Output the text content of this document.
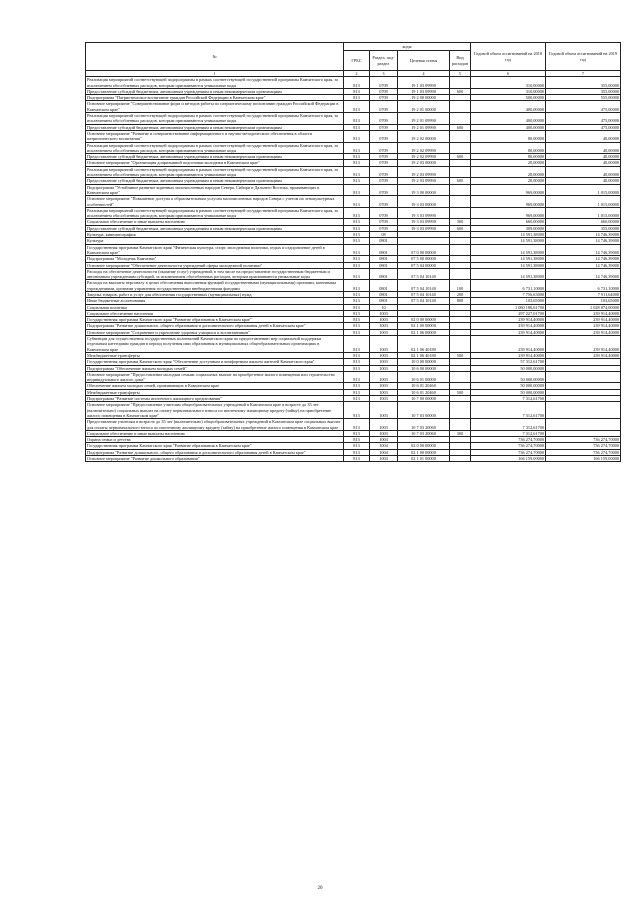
№	коды				Годовой объем ассигнований на 2018 год	Годовой объем ассигнований на 2019 год
	ГРБС	Раздел, под-раздел	Целевая статья	Вид расходов		
1	2	3	4	5	6	7
Реализация мероприятий соответствующей подпрограммы в рамках соответствующей государственной программы Камчатского края, за исключением обособленных расходов, которым присваиваются уникальные коды	813	0709	19 1 03 09990		310,00000	355,00000
Предоставление субсидий бюджетным, автономным учреждениям и иным некоммерческим организациям	813	0709	19 1 03 09990	600	310,00000	355,00000
Подпрограмма "Патриотическое воспитание граждан Российской Федерации в Камчатском крае"	813	0709	19 2 00 00000		500,00000	555,00000
Основное мероприятие "Совершенствование форм и методов работы по патриотическому воспитанию граждан Российской Федерации в Камчатском крае"	813	0709	19 2 01 00000		400,00000	475,00000
Реализация мероприятий соответствующей подпрограммы в рамках соответствующей государственной программы Камчатского края, за исключением обособленных расходов, которым присваиваются уникальные коды	813	0709	19 2 01 09990		400,00000	475,00000
Предоставление субсидий бюджетным, автономным учреждениям и иным некоммерческим организациям	813	0709	19 2 01 09990	600	400,00000	475,00000
Основное мероприятие "Развитие и совершенствование информационного и научно-методического обеспечения в области патриотического воспитания"	813	0709	19 2 02 00000		80,00000	40,00000
Реализация мероприятий соответствующей подпрограммы в рамках соответствующей государственной программы Камчатского края, за исключением обособленных расходов, которым присваиваются уникальные коды	813	0709	19 2 02 09990		80,00000	40,00000
Предоставление субсидий бюджетным, автономным учреждениям и иным некоммерческим организациям	813	0709	19 2 02 09990	600	80,00000	40,00000
Основное мероприятие "Организация допризывной подготовки молодежи в Камчатском крае"	813	0709	19 2 03 00000		20,00000	40,00000
Реализация мероприятий соответствующей подпрограммы в рамках соответствующей государственной программы Камчатского края, за исключением обособленных расходов, которым присваиваются уникальные коды	813	0709	19 2 03 09990		20,00000	40,00000
Предоставление субсидий бюджетным, автономным учреждениям и иным некоммерческим организациям	813	0709	19 2 03 09990	600	20,00000	40,00000
Подпрограмма "Устойчивое развитие коренных малочисленных народов Севера, Сибири и Дальнего Востока, проживающих в Камчатском крае"	813	0709	19 3 00 00000		969,00000	1 015,00000
Основное мероприятие "Повышение доступа к образовательным услугам малочисленных народов Севера с учетом их этнокультурных особенностей"	813	0709	19 3 03 00000		969,00000	1 015,00000
Реализация мероприятий соответствующей подпрограммы в рамках соответствующей государственной программы Камчатского края, за исключением обособленных расходов, которым присваиваются уникальные коды	813	0709	19 3 03 09990		969,00000	1 015,00000
Социальное обеспечение и иные выплаты населению	813	0709	19 3 03 09990	300	660,00000	660,00000
Предоставление субсидий бюджетным, автономным учреждениям и иным некоммерческим организациям	813	0709	19 3 03 09990	600	309,00000	355,00000
Культура, кинематография	813	08			14 591,38000	14 746,39000
Культура	813	0801			14 591,38000	14 746,39000
Государственная программа Камчатского края "Физическая культура, спорт, молодежная политика, отдых и оздоровление детей в Камчатском крае"	813	0801	07 0 00 00000		14 591,38000	14 746,39000
Подпрограмма "Молодежь Камчатки"	813	0801	07 5 00 00000		14 591,38000	14 746,39000
Основное мероприятие "Обеспечение деятельности учреждений сферы молодежной политики"	813	0801	07 5 04 00000		14 591,38000	14 746,39000
Расходы на обеспечение деятельности (оказание услуг) учреждений, в том числе на предоставление государственным бюджетным и автономным учреждениям субсидий, за исключением обособленных расходов, которым присваиваются уникальные коды	813	0801	07 5 04 10140		14 591,38000	14 746,39000
Расходы на выплаты персоналу в целях обеспечения выполнения функций государственными (муниципальными) органами, казенными учреждениями, органами управления государственными внебюджетными фондами	813	0801	07 5 04 10140	100	6 731,10000	6 731,10000
Закупка товаров, работ и услуг для обеспечения государственных (муниципальных) нужд	813	0801	07 5 04 10140	200	7 756,63000	7 911,64000
Иные бюджетные ассигнования	813	0801	07 5 04 10140	800	103,65000	103,65000
Социальная политика	813	10			1 060 186,61700	1 028 874,00000
Социальное обеспечение населения	813	1003			297 227,01700	239 914,40000
Государственная программа Камчатского края "Развитие образования в Камчатском крае"	813	1003	02 0 00 00000		239 914,40000	239 914,40000
Подпрограмма "Развитие дошкольного, общего образования и дополнительного образования детей в Камчатском крае"	813	1003	02 1 00 00000		239 914,40000	239 914,40000
Основное мероприятие "Сохранение и укрепление здоровья учащихся и воспитанников"	813	1003	02 1 06 00000		239 914,40000	239 914,40000
Субвенции для осуществления государственных полномочий Камчатского края по предоставлению мер социальной поддержки отдельным категориям граждан в период получения ими образования в муниципальных общеобразовательных организациях в Камчатском крае	813	1003	02 1 06 40180		239 914,40000	239 914,40000
Межбюджетные трансферты	813	1003	02 1 06 40180	500	239 914,40000	239 914,40000
Государственная программа Камчатского края "Обеспечение доступным и комфортным жильем жителей Камчатского края"	813	1003	10 0 00 00000		57 312,61700	
Подпрограмма "Обеспечение жильем молодых семей"	813	1003	10 6 00 00000		50 000,00000	
Основное мероприятие "Предоставление молодым семьям социальных выплат на приобретение жилого помещения или строительство индивидуального жилого дома"	813	1003	10 6 01 00000		50 000,00000	
Обеспечение жильем молодых семей, проживающих в Камчатском крае	813	1003	10 6 01 20460		50 000,00000	
Межбюджетные трансферты	813	1003	10 6 01 20460	500	50 000,00000	
Подпрограмма "Развитие системы ипотечного жилищного кредитования"	813	1003	10 7 00 00000		7 312,61700	
Основное мероприятие "Предоставление учителям общеобразовательных учреждений в Камчатском крае в возрасте до 35 лет (включительно) социальных выплат на оплату первоначального взноса по ипотечному жилищному кредиту (займу) на приобретение жилого помещения в Камчатском крае"	813	1003	10 7 03 00000		7 312,61700	
Предоставление учителям в возрасте до 35 лет (включительно) общеобразовательных учреждений в Камчатском крае социальных выплат для оплаты первоначального взноса по ипотечному жилищному кредиту (займу) на приобретение жилого помещения в Камчатском крае	813	1003	10 7 03 20060		7 312,61700	
Социальное обеспечение и иные выплаты населению	813	1003	10 7 03 20060	300	7 312,61700	
Охрана семьи и детства	813	1004			736 274,70000	736 274,70000
Государственная программа Камчатского края "Развитие образования в Камчатском крае"	813	1004	02 0 00 00000		736 274,70000	736 274,70000
Подпрограмма "Развитие дошкольного, общего образования и дополнительного образования детей в Камчатском крае"	813	1004	02 1 00 00000		736 274,70000	736 274,70000
Основное мероприятие "Развитие дошкольного образования"	813	1004	02 1 01 00000		166 159,00000	166 159,00000
20
